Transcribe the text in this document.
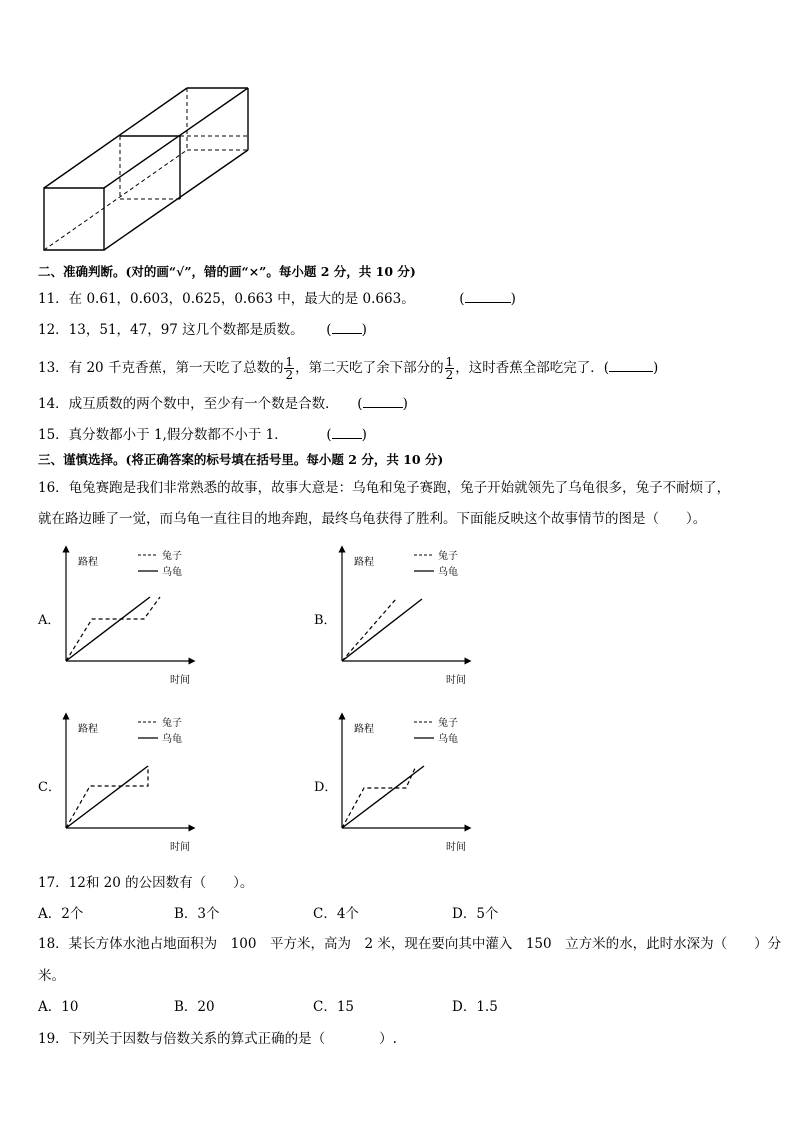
二、准确判断。(对的画“√”，错的画“×”。每小题 2 分，共 10 分)
11．在 0.61，0.603，0.625，0.663 中，最大的是 0.663。	(	)
12．13，51，47，97 这几个数都是质数。 ( )
13．有 20 千克香蕉，第一天吃了总数的 $\frac{1}{2}$ ，第二天吃了余下部分的 $\frac{1}{2}$ ，这时香蕉全部吃完了．(	)
14．成互质数的两个数中，至少有一个数是合数． (	)
15．真分数都小于 1,假分数都不小于 1．	( )
三、谨慎选择。(将正确答案的标号填在括号里。每小题 2 分，共 10 分)
16．龟兔赛跑是我们非常熟悉的故事，故事大意是：乌龟和兔子赛跑，兔子开始就领先了乌龟很多，兔子不耐烦了，
就在路边睡了一觉，而乌龟一直往目的地奔跑，最终乌龟获得了胜利。下面能反映这个故事情节的图是（　　）。
A．
路程
时间
兔子
乌龟
B．
路程
时间
兔子
乌龟
C．
路程
时间
兔子
乌龟
D．
路程
时间
兔子
乌龟
17．12和 20 的公因数有（　　）。
A．2个	B．3个	C．4个	D．5个
18．某长方体水池占地面积为　100　平方米，高为　2 米，现在要向其中灌入　150　立方米的水，此时水深为（　　）分
米。
A．10	B．20	C．15	D．1.5
19．下列关于因数与倍数关系的算式正确的是（　　　　）.
